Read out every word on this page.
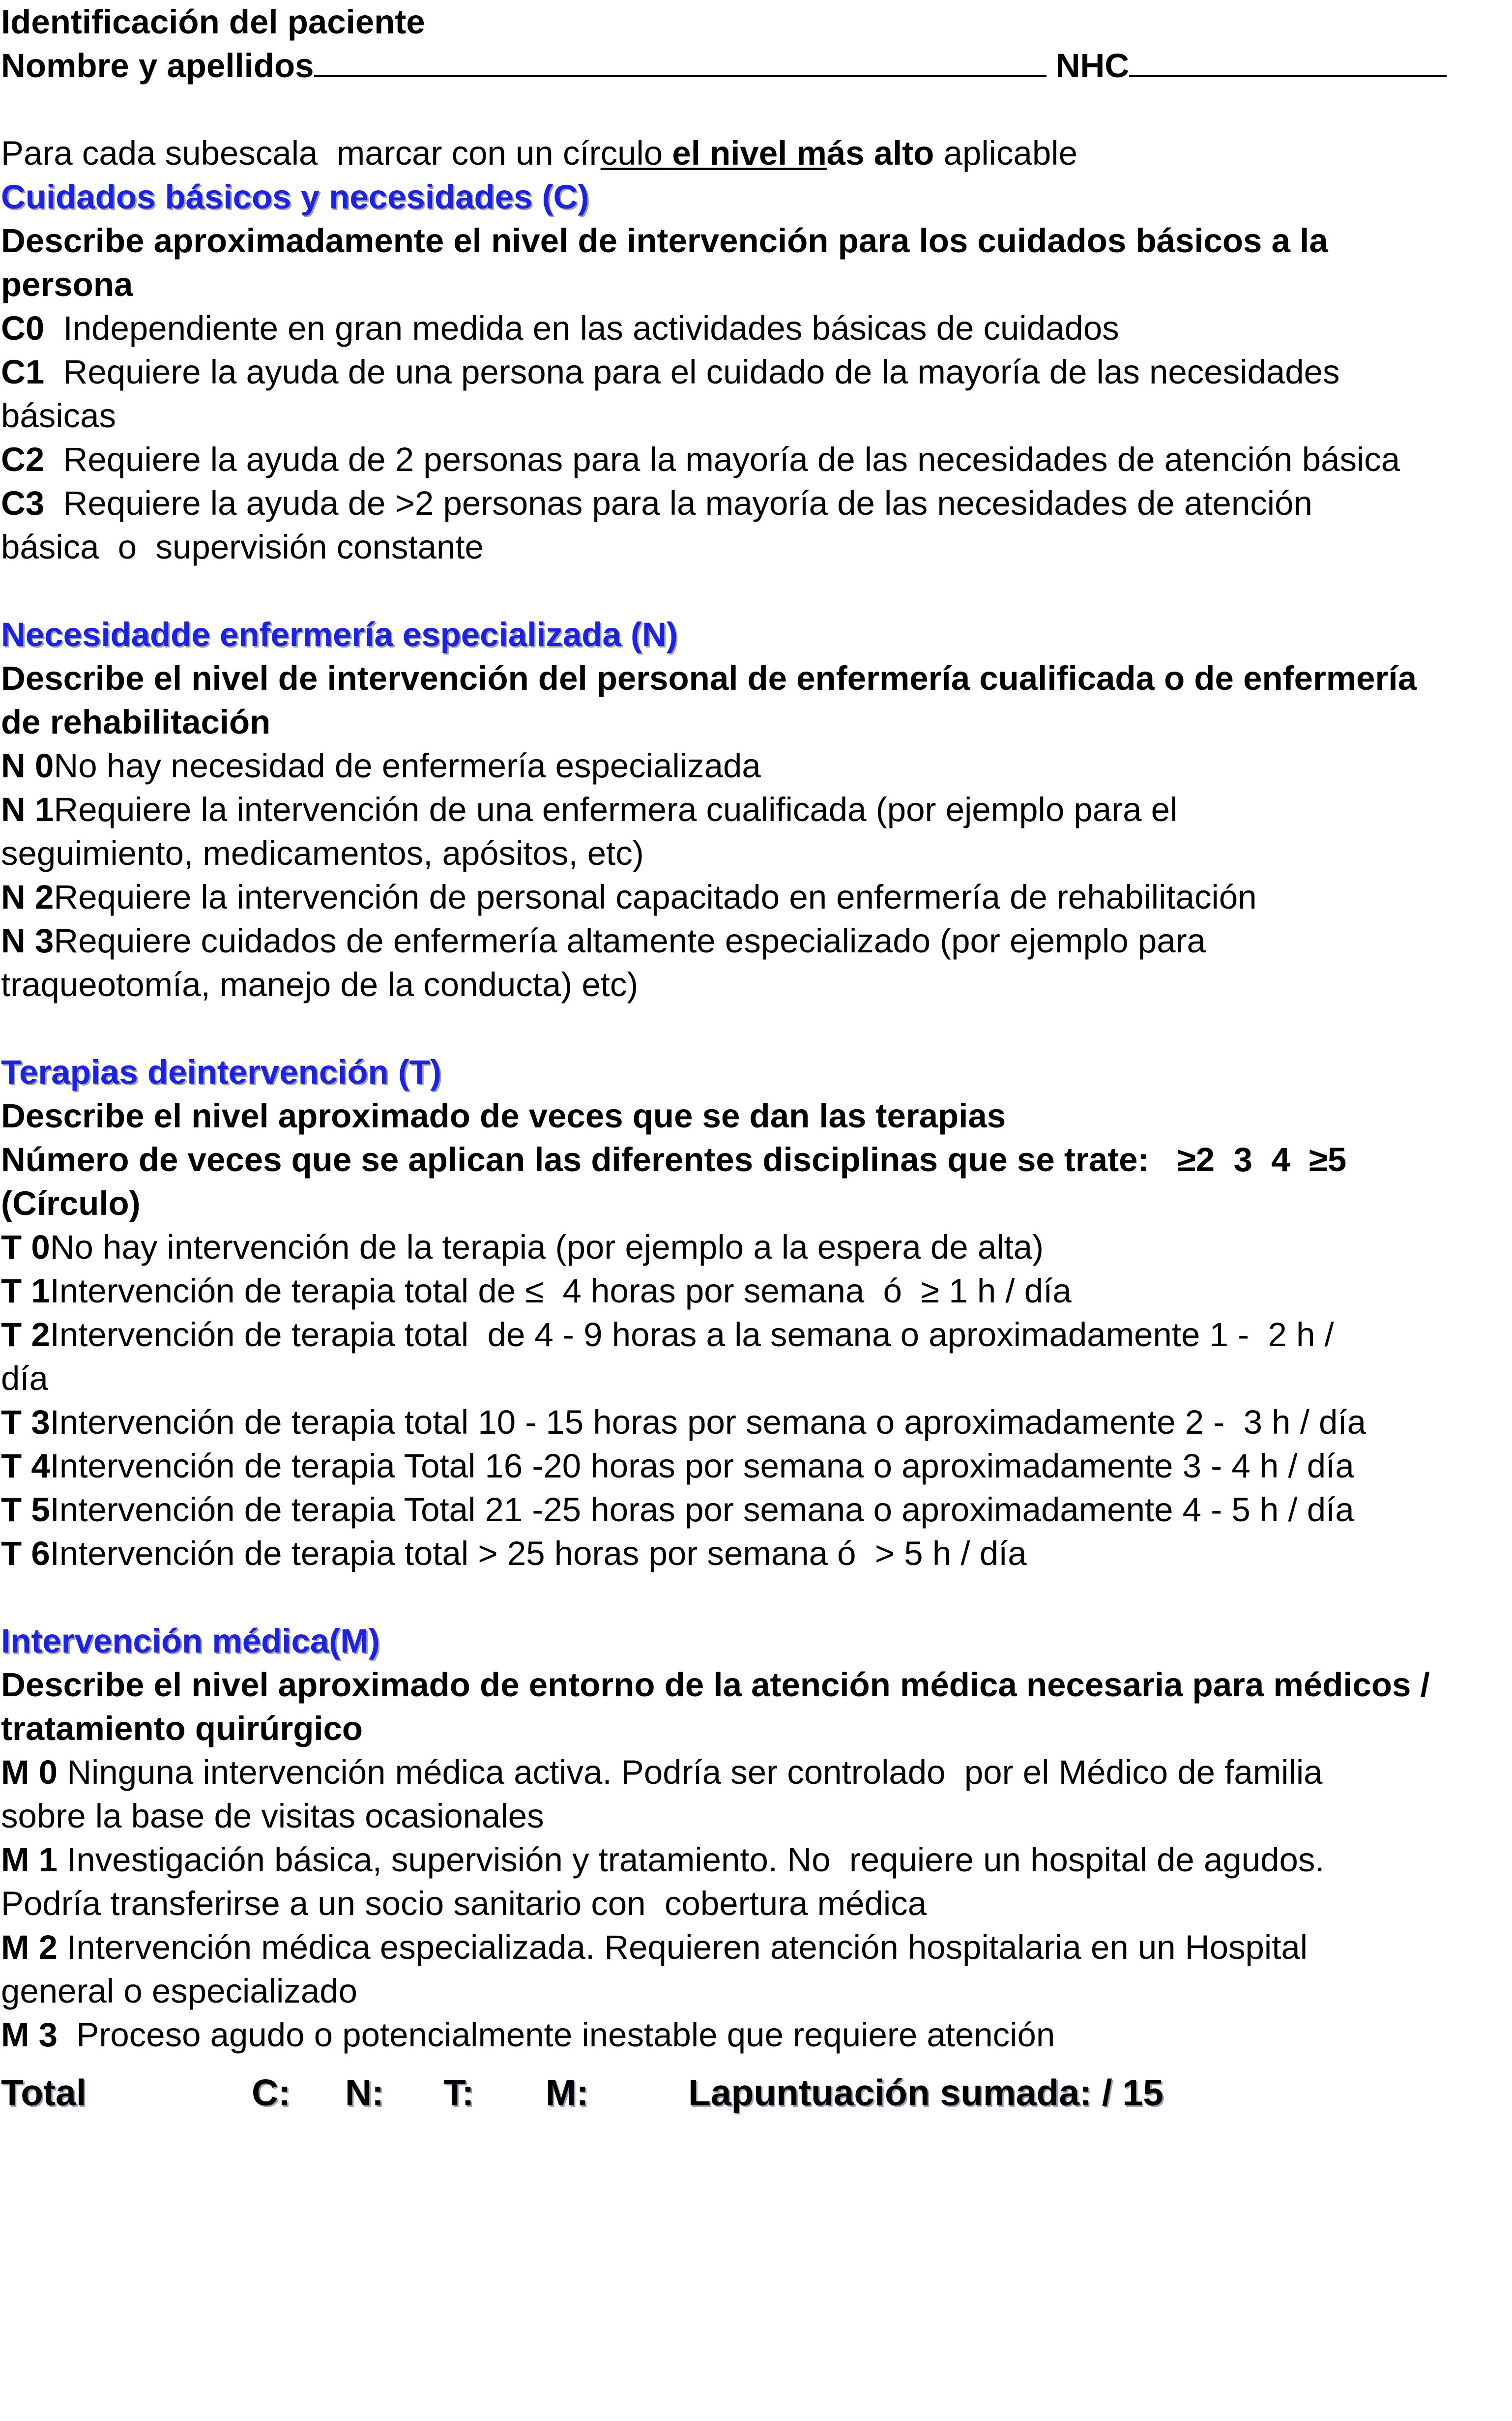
Identificación del paciente
Nombre y apellidos	NHC
Para cada subescala  marcar con un círculo el nivel más alto aplicable
Cuidados básicos y necesidades (C)
Describe aproximadamente el nivel de intervención para los cuidados básicos a la
persona
C0  Independiente en gran medida en las actividades básicas de cuidados
C1  Requiere la ayuda de una persona para el cuidado de la mayoría de las necesidades
básicas
C2  Requiere la ayuda de 2 personas para la mayoría de las necesidades de atención básica
C3  Requiere la ayuda de >2 personas para la mayoría de las necesidades de atención
básica  o  supervisión constante
Necesidadde enfermería especializada (N)
Describe el nivel de intervención del personal de enfermería cualificada o de enfermería
de rehabilitación
N 0No hay necesidad de enfermería especializada
N 1Requiere la intervención de una enfermera cualificada (por ejemplo para el
seguimiento, medicamentos, apósitos, etc)
N 2Requiere la intervención de personal capacitado en enfermería de rehabilitación
N 3Requiere cuidados de enfermería altamente especializado (por ejemplo para
traqueotomía, manejo de la conducta) etc)
Terapias deintervención (T)
Describe el nivel aproximado de veces que se dan las terapias
Número de veces que se aplican las diferentes disciplinas que se trate:   ≥2  3  4  ≥5
(Círculo)
T 0No hay intervención de la terapia (por ejemplo a la espera de alta)
T 1Intervención de terapia total de ≤  4 horas por semana  ó  ≥ 1 h / día
T 2Intervención de terapia total  de 4 - 9 horas a la semana o aproximadamente 1 -  2 h /
día
T 3Intervención de terapia total 10 - 15 horas por semana o aproximadamente 2 -  3 h / día
T 4Intervención de terapia Total 16 -20 horas por semana o aproximadamente 3 - 4 h / día
T 5Intervención de terapia Total 21 -25 horas por semana o aproximadamente 4 - 5 h / día
T 6Intervención de terapia total > 25 horas por semana ó  > 5 h / día
Intervención médica(M)
Describe el nivel aproximado de entorno de la atención médica necesaria para médicos /
tratamiento quirúrgico
M 0 Ninguna intervención médica activa. Podría ser controlado  por el Médico de familia
sobre la base de visitas ocasionales
M 1 Investigación básica, supervisión y tratamiento. No  requiere un hospital de agudos.
Podría transferirse a un socio sanitario con  cobertura médica
M 2 Intervención médica especializada. Requieren atención hospitalaria en un Hospital
general o especializado
M 3  Proceso agudo o potencialmente inestable que requiere atención

Total

	C:

N:

T:

M:

	Lapuntuación sumada: / 15
